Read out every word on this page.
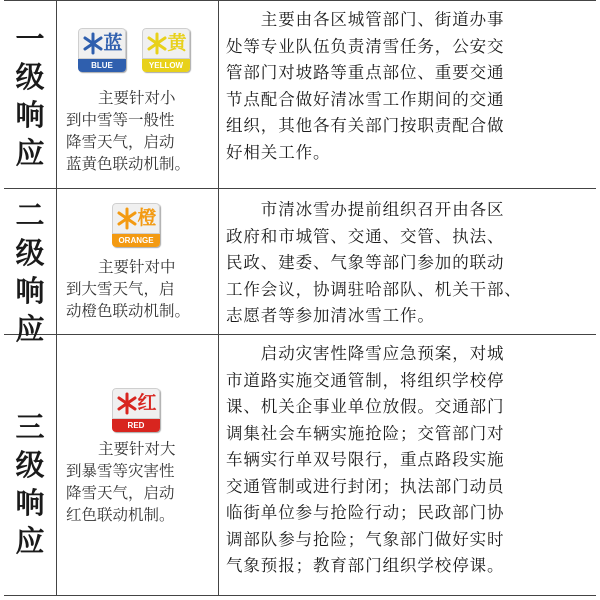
一
级
响
应
蓝
BLUE
黄
YELLOW

主要针对小

到中雪等一般性

降雪天气，启动

蓝黄色联动机制。

　　主要由各区城管部门、街道办事

处等专业队伍负责清雪任务，公安交

管部门对坡路等重点部位、重要交通

节点配合做好清冰雪工作期间的交通

组织，其他各有关部门按职责配合做

好相关工作。

二
级
响
应
橙
ORANGE

主要针对中

到大雪天气，启

动橙色联动机制。

　　市清冰雪办提前组织召开由各区

政府和市城管、交通、交管、执法、

民政、建委、气象等部门参加的联动

工作会议，协调驻哈部队、机关干部、

志愿者等参加清冰雪工作。

三
级
响
应
红
RED

主要针对大

到暴雪等灾害性

降雪天气，启动

红色联动机制。

　　启动灾害性降雪应急预案，对城

市道路实施交通管制，将组织学校停

课、机关企事业单位放假。交通部门

调集社会车辆实施抢险；交管部门对

车辆实行单双号限行，重点路段实施

交通管制或进行封闭；执法部门动员

临街单位参与抢险行动；民政部门协

调部队参与抢险；气象部门做好实时

气象预报；教育部门组织学校停课。
